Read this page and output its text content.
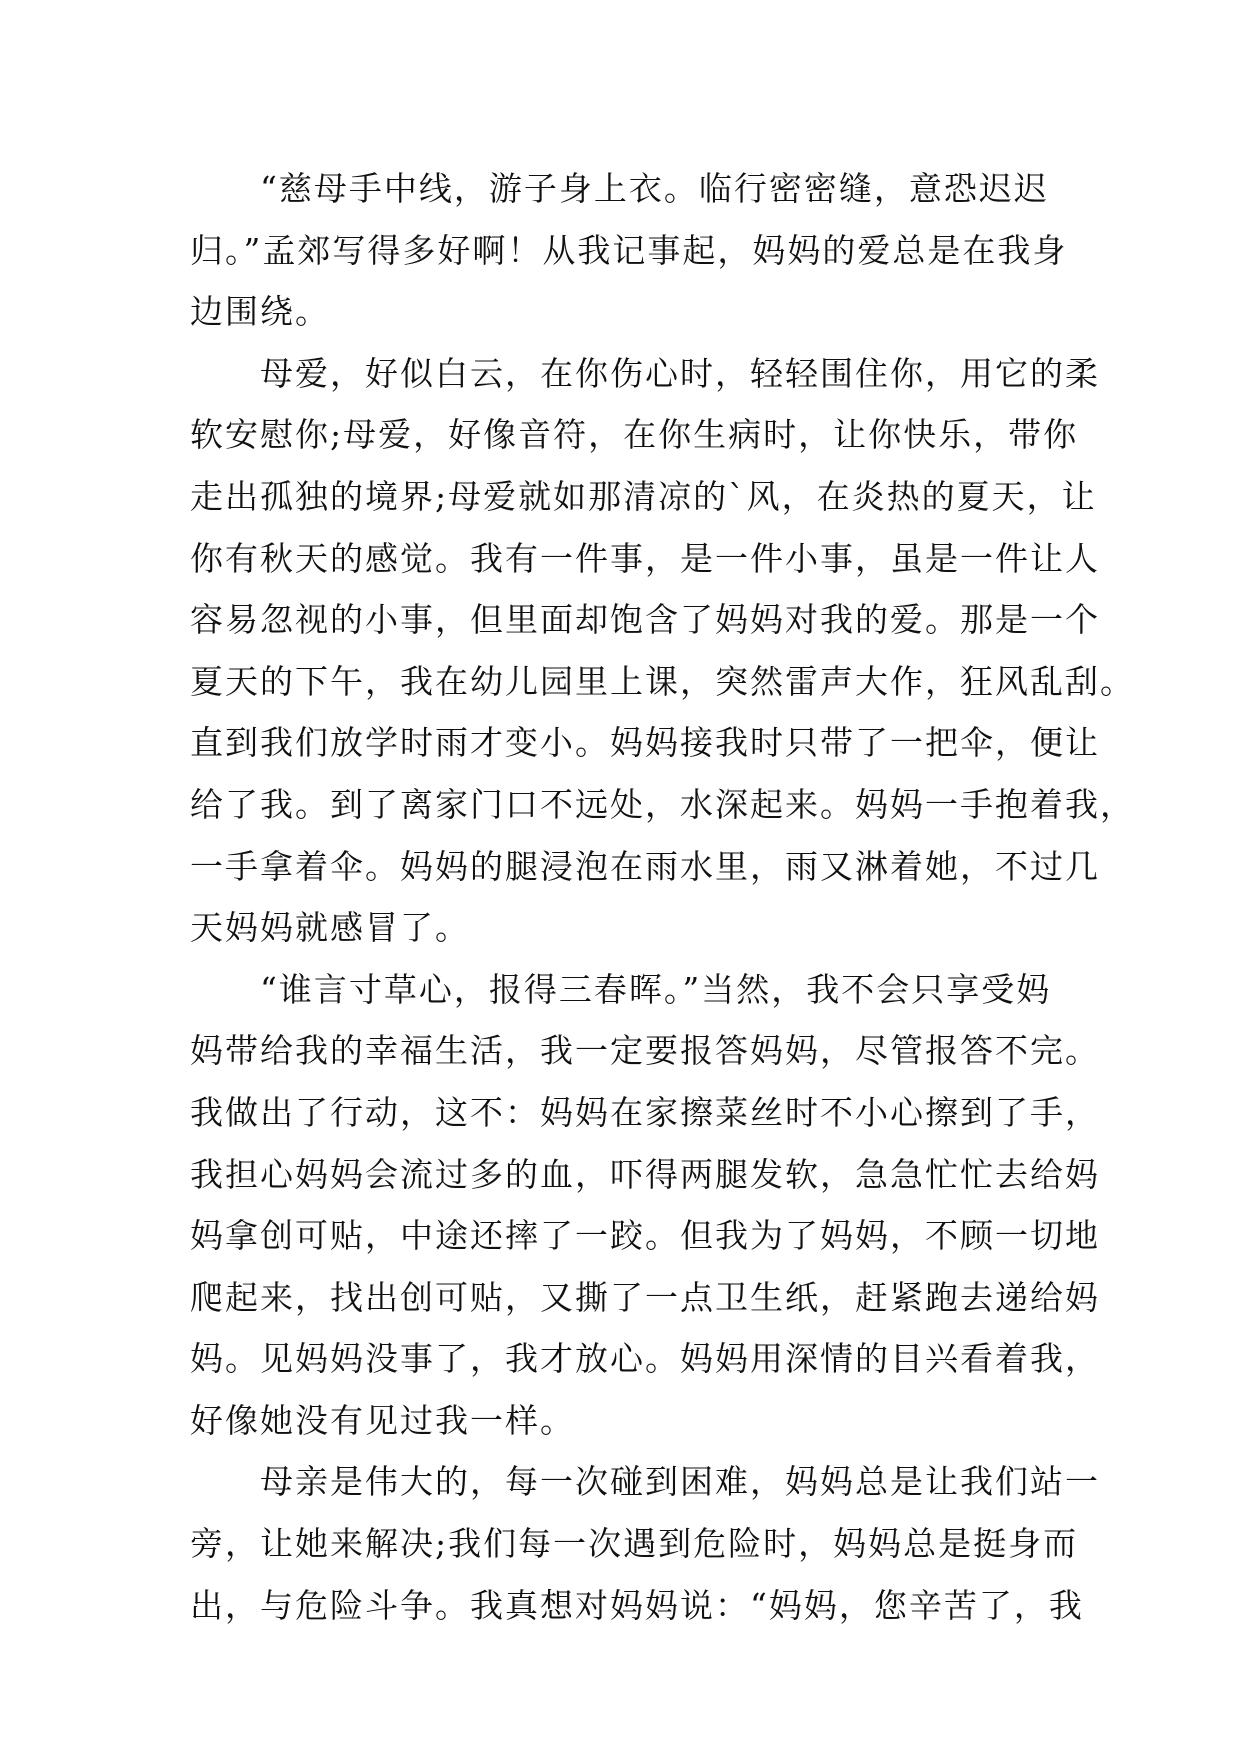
“慈母手中线，游子身上衣。临行密密缝，意恐迟迟
归。”孟郊写得多好啊！从我记事起，妈妈的爱总是在我身
边围绕。
母爱，好似白云，在你伤心时，轻轻围住你，用它的柔
软安慰你;母爱，好像音符，在你生病时，让你快乐，带你
走出孤独的境界;母爱就如那清凉的`风，在炎热的夏天，让
你有秋天的感觉。我有一件事，是一件小事，虽是一件让人
容易忽视的小事，但里面却饱含了妈妈对我的爱。那是一个
夏天的下午，我在幼儿园里上课，突然雷声大作，狂风乱刮。
直到我们放学时雨才变小。妈妈接我时只带了一把伞，便让
给了我。到了离家门口不远处，水深起来。妈妈一手抱着我，
一手拿着伞。妈妈的腿浸泡在雨水里，雨又淋着她，不过几
天妈妈就感冒了。
“谁言寸草心，报得三春晖。”当然，我不会只享受妈
妈带给我的幸福生活，我一定要报答妈妈，尽管报答不完。
我做出了行动，这不：妈妈在家擦菜丝时不小心擦到了手，
我担心妈妈会流过多的血，吓得两腿发软，急急忙忙去给妈
妈拿创可贴，中途还摔了一跤。但我为了妈妈，不顾一切地
爬起来，找出创可贴，又撕了一点卫生纸，赶紧跑去递给妈
妈。见妈妈没事了，我才放心。妈妈用深情的目兴看着我，
好像她没有见过我一样。
母亲是伟大的，每一次碰到困难，妈妈总是让我们站一
旁，让她来解决;我们每一次遇到危险时，妈妈总是挺身而
出，与危险斗争。我真想对妈妈说：“妈妈，您辛苦了，我
